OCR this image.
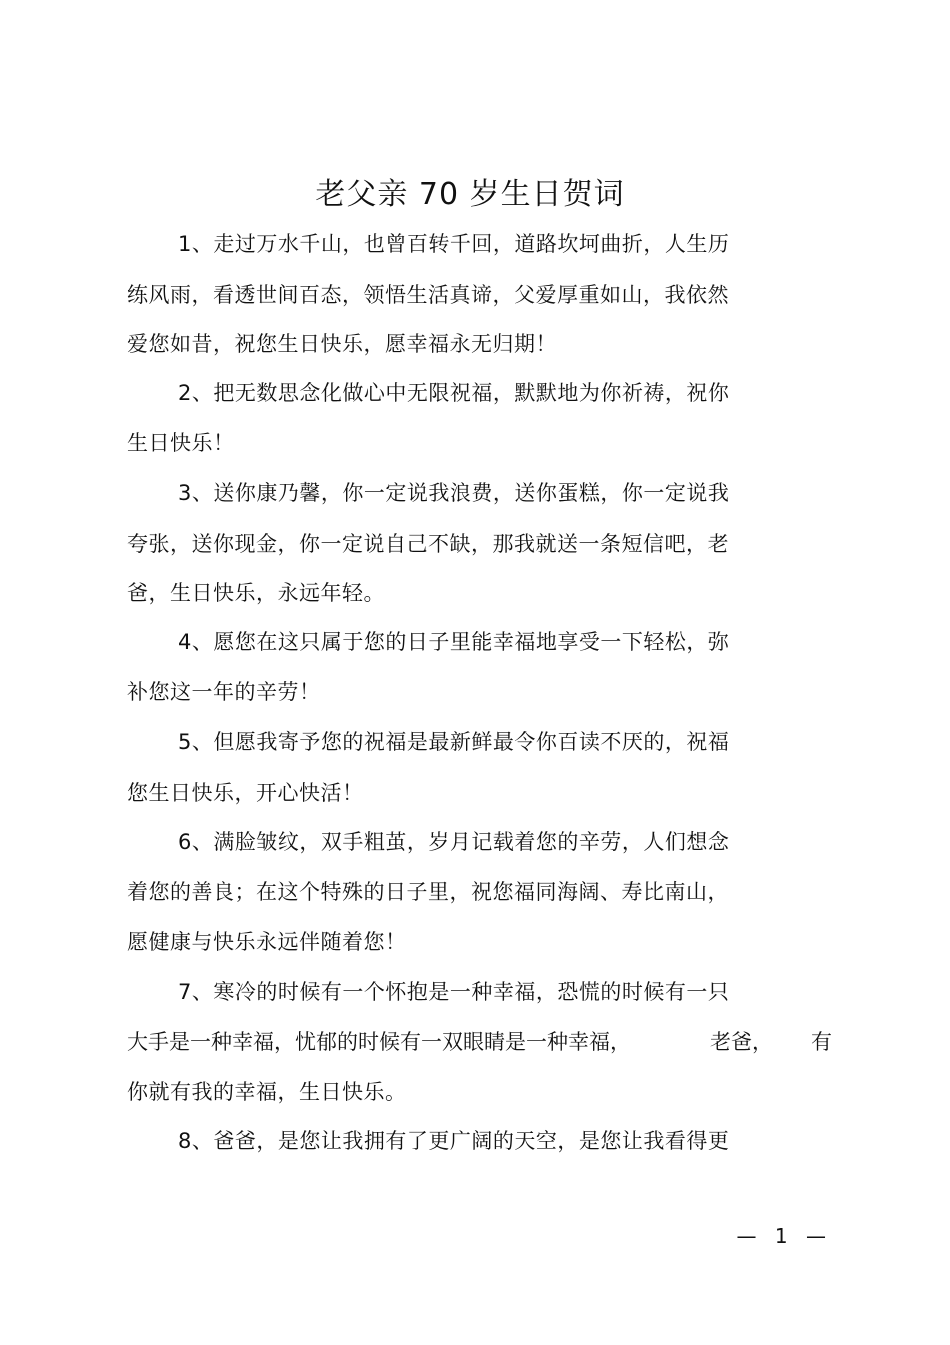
老父亲 70 岁生日贺词
1、走过万水千山，也曾百转千回，道路坎坷曲折，人生历
练风雨，看透世间百态，领悟生活真谛，父爱厚重如山，我依然
爱您如昔，祝您生日快乐，愿幸福永无归期！
2、把无数思念化做心中无限祝福，默默地为你祈祷，祝你
生日快乐！
3、送你康乃馨，你一定说我浪费，送你蛋糕，你一定说我
夸张，送你现金，你一定说自己不缺，那我就送一条短信吧，老
爸，生日快乐，永远年轻。
4、愿您在这只属于您的日子里能幸福地享受一下轻松，弥
补您这一年的辛劳！
5、但愿我寄予您的祝福是最新鲜最令你百读不厌的，祝福
您生日快乐，开心快活！
6、满脸皱纹，双手粗茧，岁月记载着您的辛劳，人们想念
着您的善良；在这个特殊的日子里，祝您福同海阔、寿比南山，
愿健康与快乐永远伴随着您！
7、寒冷的时候有一个怀抱是一种幸福，恐慌的时候有一只
大手是一种幸福，忧郁的时候有一双眼睛是一种幸福，	老爸， 有
你就有我的幸福，生日快乐。
8、爸爸，是您让我拥有了更广阔的天空，是您让我看得更
— 1 —
